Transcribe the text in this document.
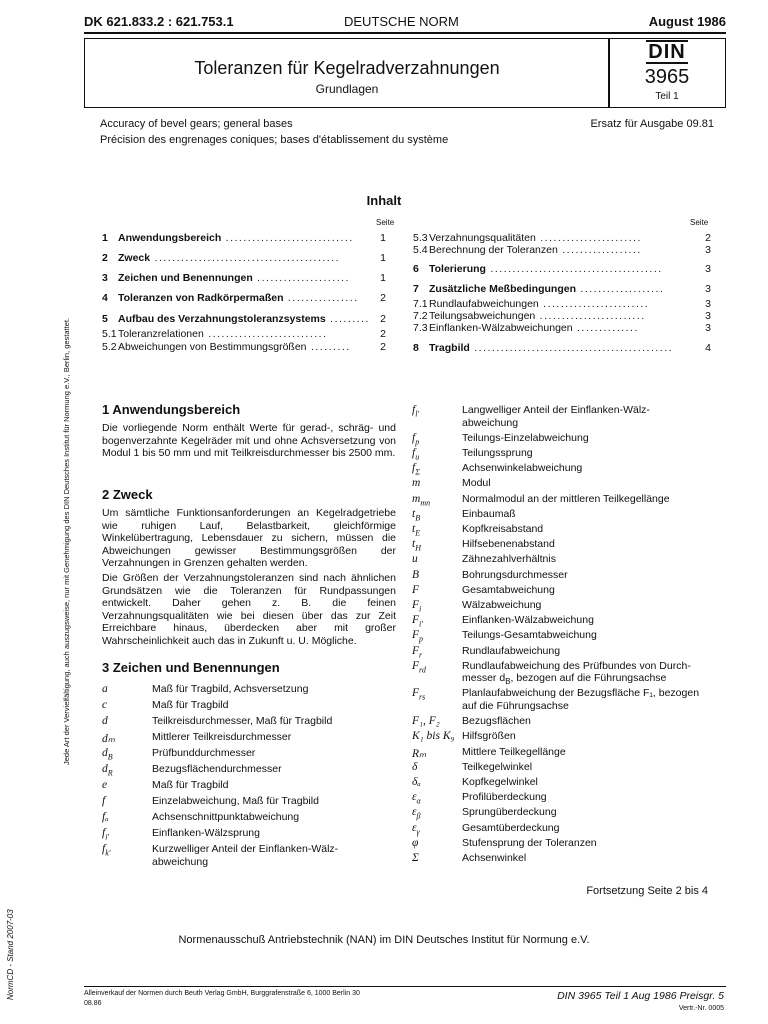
DK 621.833.2 : 621.753.1	DEUTSCHE NORM	August 1986
Toleranzen für Kegelradverzahnungen
Grundlagen
DIN
3965
Teil 1
Accuracy of bevel gears; general bases
Précision des engrenages coniques; bases d'établissement du système
Ersatz für Ausgabe 09.81
Inhalt
Seite	Seite
1 Anwendungsbereich .............................	1
2 Zweck ..........................................	1
3 Zeichen und Benennungen .....................	1
4 Toleranzen von Radkörpermaßen ................ 2
5 Aufbau des Verzahnungstoleranzsystems ......... 2
5.1 Toleranzrelationen ...........................	2
5.2 Abweichungen von Bestimmungsgrößen .........	2
5.3 Verzahnungsqualitäten .......................	2
5.4 Berechnung der Toleranzen ..................	3
6 Tolerierung .......................................	3
7 Zusätzliche Meßbedingungen ...................	3
7.1 Rundlaufabweichungen ........................	3
7.2 Teilungsabweichungen ........................	3
7.3 Einflanken-Wälzabweichungen ..............	3
8 Tragbild .............................................	4
1 Anwendungsbereich
Die vorliegende Norm enthält Werte für gerad-, schräg- und bogenverzahnte Kegelräder mit und ohne Achsversetzung von Modul 1 bis 50 mm und mit Teilkreisdurchmesser bis 2500 mm.
2 Zweck
Um sämtliche Funktionsanforderungen an Kegelradgetriebe wie ruhigen Lauf, Belastbarkeit, gleichförmige Winkelübertragung, Lebensdauer zu sichern, müssen die Abweichungen gewisser Bestimmungsgrößen der Verzahnungen in Grenzen gehalten werden.
Die Größen der Verzahnungstoleranzen sind nach ähnlichen Grundsätzen wie die Toleranzen für Rundpassungen entwickelt. Daher gehen z. B. die feinen Verzahnungsqualitäten wie bei diesen über das zur Zeit Erreichbare hinaus, überdecken aber mit großer Wahrscheinlichkeit auch das in Zukunft u. U. Mögliche.
3 Zeichen und Benennungen
a	Maß für Tragbild, Achsversetzung
c	Maß für Tragbild
d	Teilkreisdurchmesser, Maß für Tragbild
dₘ	Mittlerer Teilkreisdurchmesser
$d_B$	Prüfbunddurchmesser
$d_R$	Bezugsflächendurchmesser
e	Maß für Tragbild
f	Einzelabweichung, Maß für Tragbild
fₐ	Achsenschnittpunktabweichung
$f_{i'}$	Einflanken-Wälzsprung
$f_{k'}$	Kurzwelliger Anteil der Einflanken-Wälz-
abweichung
$f_{l'}$	Langwelliger Anteil der Einflanken-Wälz-
abweichung
$f_p$	Teilungs-Einzelabweichung
$f_u$	Teilungssprung
$f_\Sigma$	Achsenwinkelabweichung
m	Modul
$m_{mn}$	Normalmodul an der mittleren Teilkegellänge
$t_B$	Einbaumaß
$t_E$	Kopfkreisabstand
$t_H$	Hilfsebenenabstand
u	Zähnezahlverhältnis
B	Bohrungsdurchmesser
F	Gesamtabweichung
$F_i$	Wälzabweichung
$F_{i'}$	Einflanken-Wälzabweichung
$F_p$	Teilungs-Gesamtabweichung
$F_r$	Rundlaufabweichung
$F_{rd}$	Rundlaufabweichung des Prüfbundes von Durch-
messer $d_B$, bezogen auf die Führungsachse
$F_{rs}$	Planlaufabweichung der Bezugsfläche F₁, bezogen
auf die Führungsachse
F₁, F₂ Bezugsflächen
K₁ bis K₉ Hilfsgrößen
Rₘ	Mittlere Teilkegellänge
δ	Teilkegelwinkel
δₐ	Kopfkegelwinkel
$\varepsilon_\alpha$	Profilüberdeckung
$\varepsilon_\beta$	Sprungüberdeckung
$\varepsilon_\gamma$	Gesamtüberdeckung
φ	Stufensprung der Toleranzen
Σ	Achsenwinkel
Fortsetzung Seite 2 bis 4
Normenausschuß Antriebstechnik (NAN) im DIN Deutsches Institut für Normung e.V.
Alleinverkauf der Normen durch Beuth Verlag GmbH, Burggrafenstraße 6, 1000 Berlin 30
08.86
DIN 3965 Teil 1 Aug 1986 Preisgr. 5
Vertr.-Nr. 0005
Jede Art der Vervielfältigung, auch auszugsweise, nur mit Genehmigung des DIN Deutsches Institut für Normung e.V., Berlin, gestattet.
NormCD - Stand 2007-03
